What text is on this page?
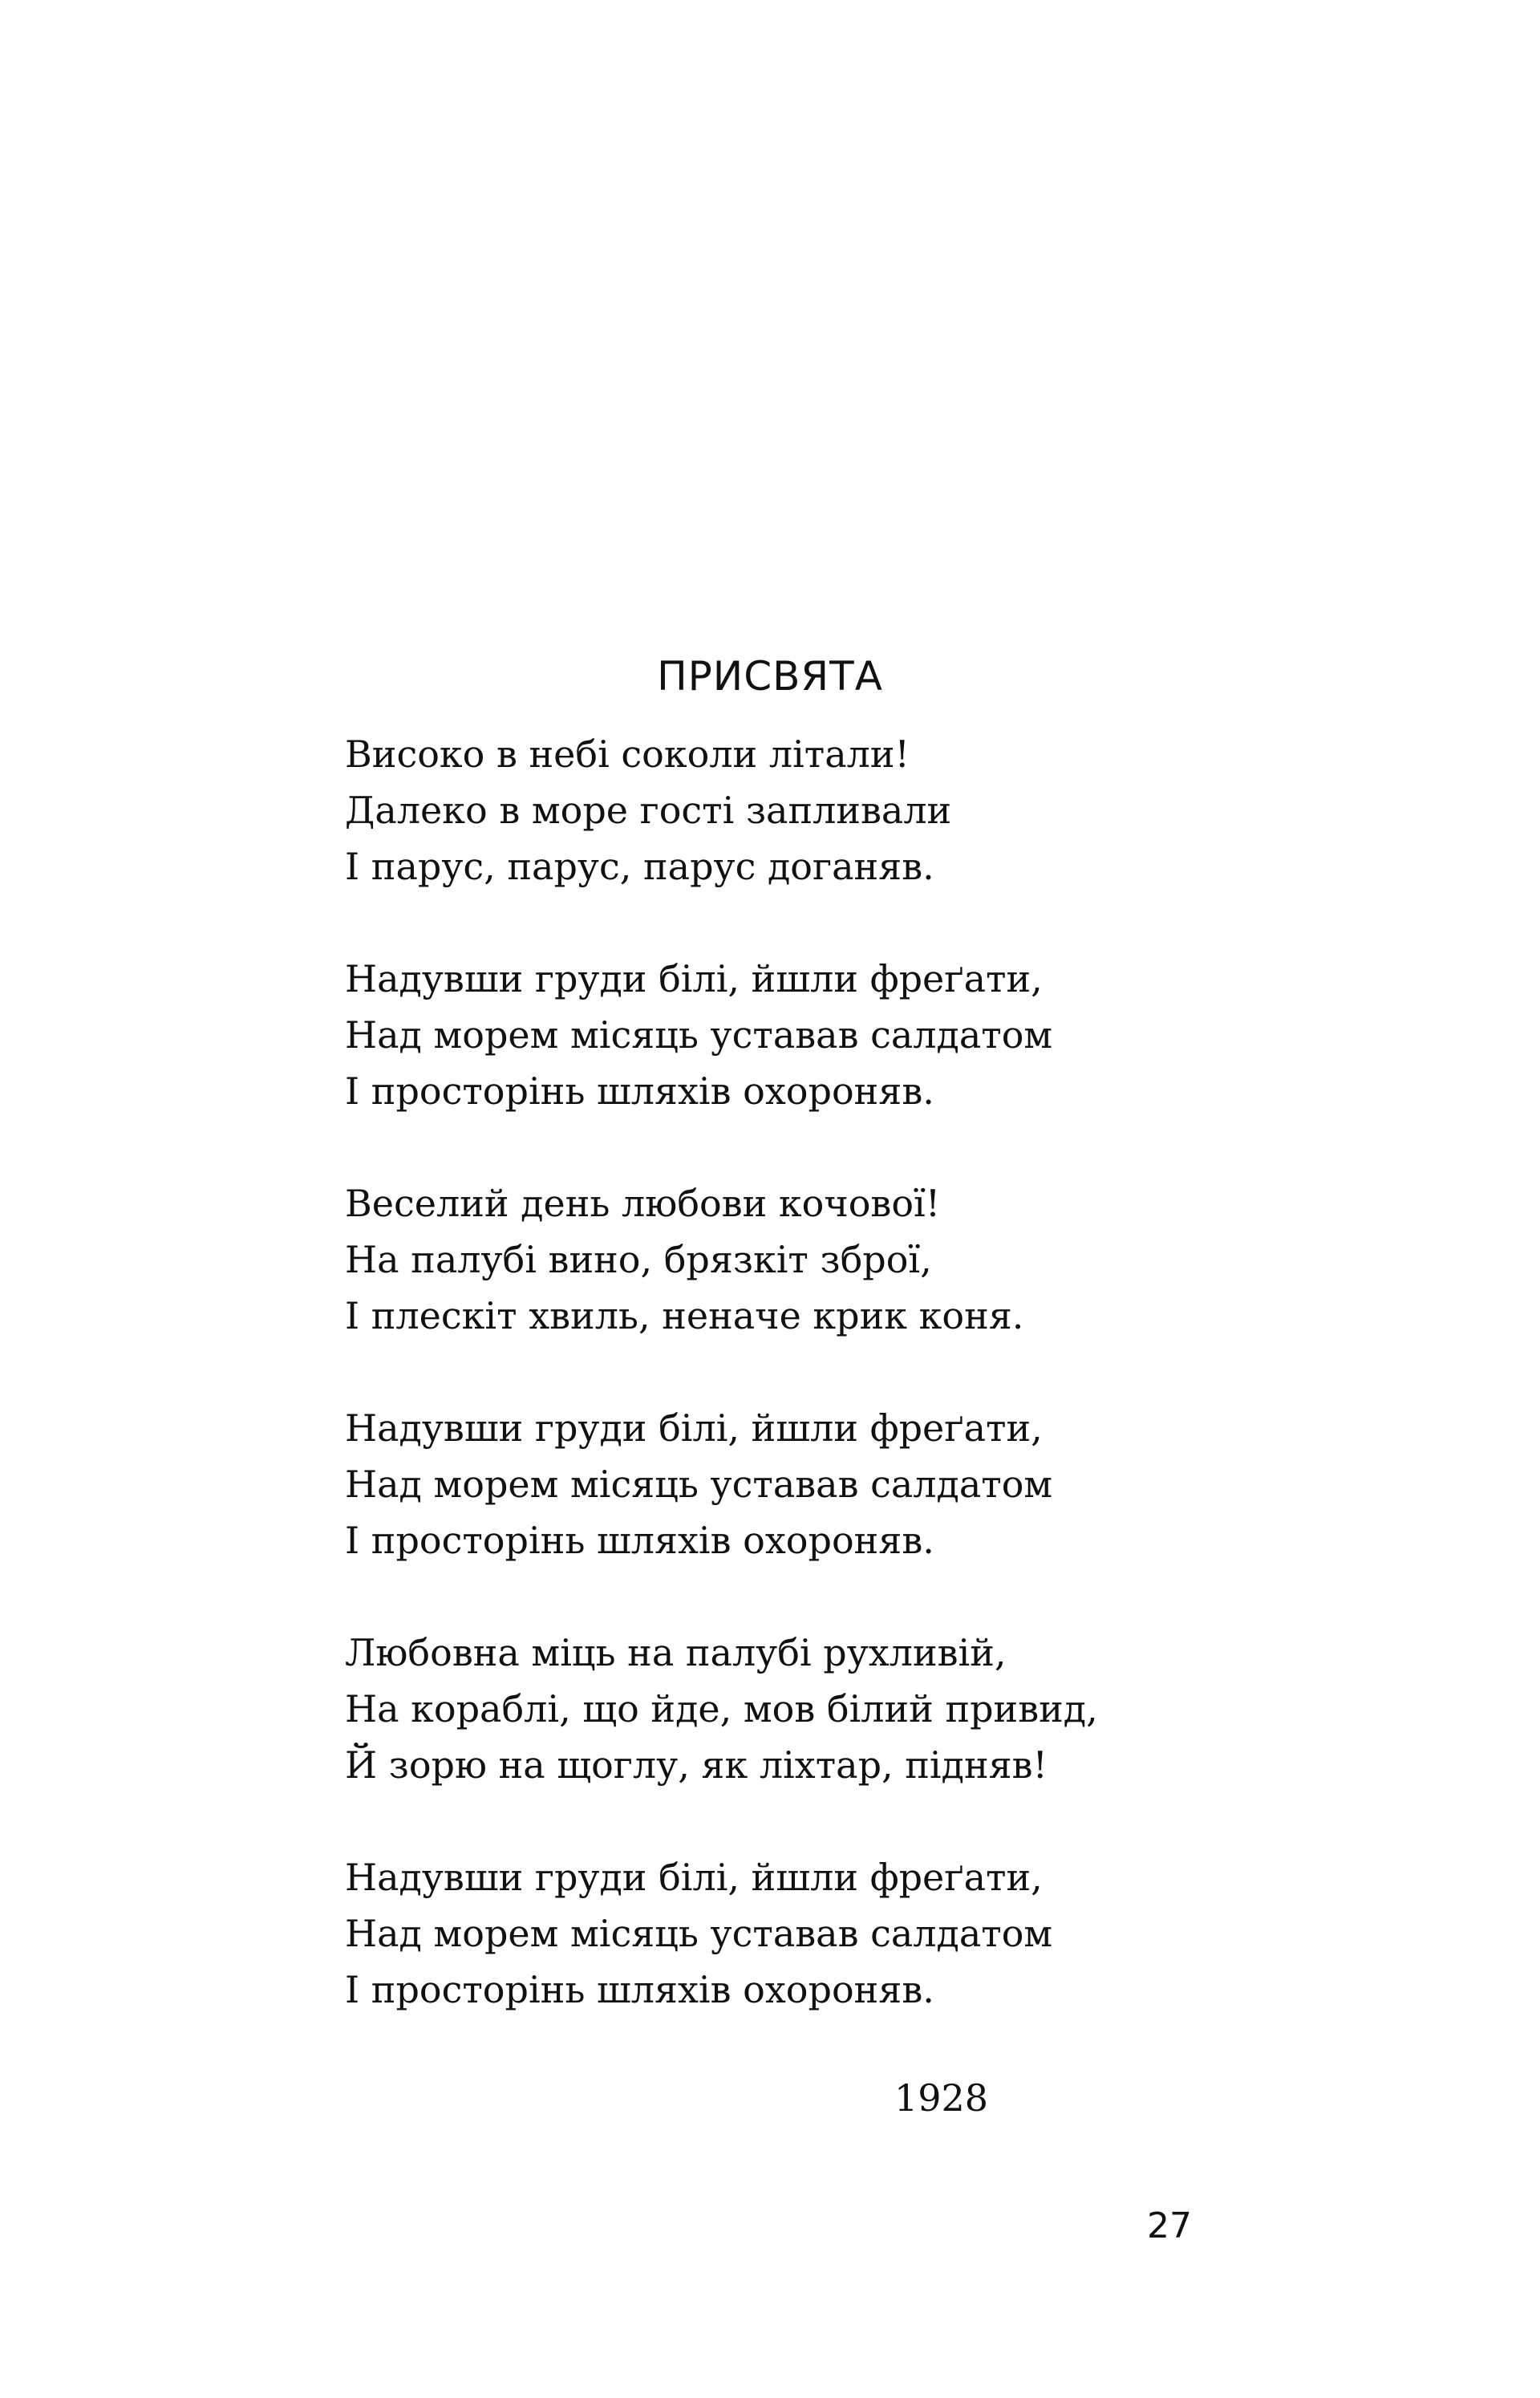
ПРИСВЯТА
Високо в небі соколи літали!
Далеко в море гості запливали
І парус, парус, парус доганяв.
Надувши груди білі, йшли фреґати,
Над морем місяць уставав салдатом
І просторінь шляхів охороняв.
Веселий день любови кочової!
На палубі вино, брязкіт зброї,
І плескіт хвиль, неначе крик коня.
Надувши груди білі, йшли фреґати,
Над морем місяць уставав салдатом
І просторінь шляхів охороняв.
Любовна міць на палубі рухливій,
На кораблі, що йде, мов білий привид,
Й зорю на щоглу, як ліхтар, підняв!
Надувши груди білі, йшли фреґати,
Над морем місяць уставав салдатом
І просторінь шляхів охороняв.
1928
27
